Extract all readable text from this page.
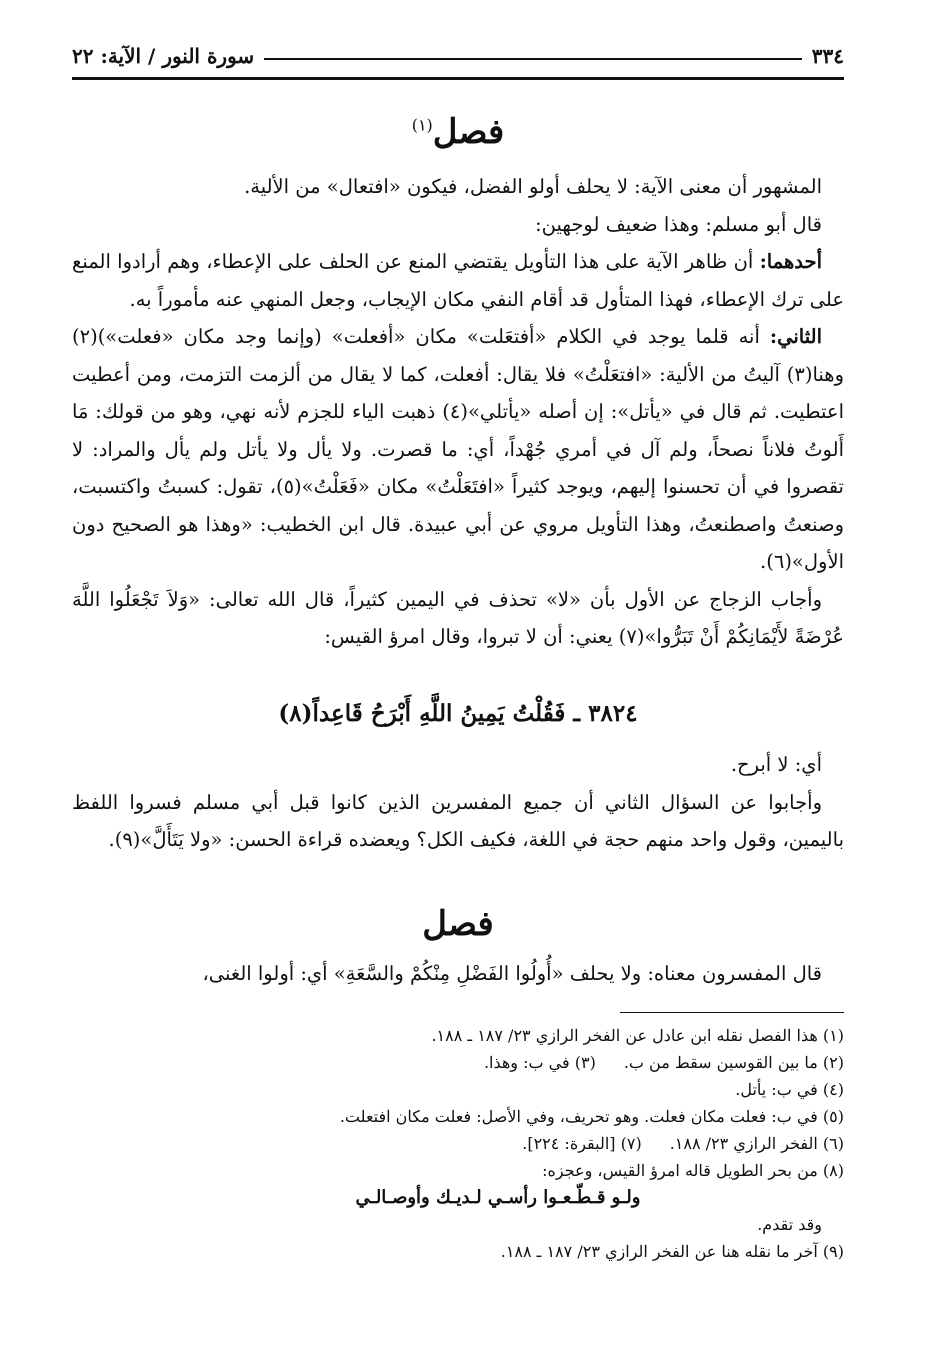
٣٣٤
سورة النور / الآية: ٢٢
فصل$^{(١)}$

المشهور أن معنى الآية: لا يحلف أولو الفضل، فيكون «افتعال» من الألية.

قال أبو مسلم: وهذا ضعيف لوجهين:

أحدهما: أن ظاهر الآية على هذا التأويل يقتضي المنع عن الحلف على الإعطاء، وهم أرادوا المنع على ترك الإعطاء، فهذا المتأول قد أقام النفي مكان الإيجاب، وجعل المنهي عنه مأموراً به.

الثاني: أنه قلما يوجد في الكلام «أفتعَلت» مكان «أفعلت» (وإنما وجد مكان «فعلت»)(٢) وهنا(٣) آليتُ من الألية: «افتعَلْتُ» فلا يقال: أفعلت، كما لا يقال من ألزمت التزمت، ومن أعطيت اعتطيت. ثم قال في «يأتل»: إن أصله «يأتلي»(٤) ذهبت الياء للجزم لأنه نهي، وهو من قولك: مَا أَلوتُ فلاناً نصحاً، ولم آل في أمري جُهْداً، أي: ما قصرت. ولا يأل ولا يأتل ولم يأل والمراد: لا تقصروا في أن تحسنوا إليهم، ويوجد كثيراً «افتَعَلْتُ» مكان «فَعَلْتُ»(٥)، تقول: كسبتُ واكتسبت، وصنعتُ واصطنعتُ، وهذا التأويل مروي عن أبي عبيدة. قال ابن الخطيب: «وهذا هو الصحيح دون الأول»(٦).

وأجاب الزجاج عن الأول بأن «لا» تحذف في اليمين كثيراً، قال الله تعالى: «وَلاَ تَجْعَلُوا اللَّهَ عُرْضَةً لأَيْمَانِكُمْ أَنْ تَبَرُّوا»(٧) يعني: أن لا تبروا، وقال امرؤ القيس:

٣٨٢٤ ـ فَقُلْتُ يَمِينُ اللَّهِ أَبْرَحُ قَاعِداً(٨)

أي: لا أبرح.

وأجابوا عن السؤال الثاني أن جميع المفسرين الذين كانوا قبل أبي مسلم فسروا اللفظ باليمين، وقول واحد منهم حجة في اللغة، فكيف الكل؟ ويعضده قراءة الحسن: «ولا يَتَأَلَّ»(٩).

فصل

قال المفسرون معناه: ولا يحلف «أُولُوا الفَضْلِ مِنْكُمْ والسَّعَةِ» أي: أولوا الغنى،

(١) هذا الفصل نقله ابن عادل عن الفخر الرازي ٢٣/ ١٨٧ ـ ١٨٨.
(٢) ما بين القوسين سقط من ب.
(٣) في ب: وهذا.
(٤) في ب: يأتل.
(٥) في ب: فعلت مكان فعلت. وهو تحريف، وفي الأصل: فعلت مكان افتعلت.
(٦) الفخر الرازي ٢٣/ ١٨٨.
(٧) [البقرة: ٢٢٤].
(٨) من بحر الطويل قاله امرؤ القيس، وعجزه:
ولـو قـطّـعـوا رأسـي لـديـك وأوصـالـي
وقد تقدم.
(٩) آخر ما نقله هنا عن الفخر الرازي ٢٣/ ١٨٧ ـ ١٨٨.
